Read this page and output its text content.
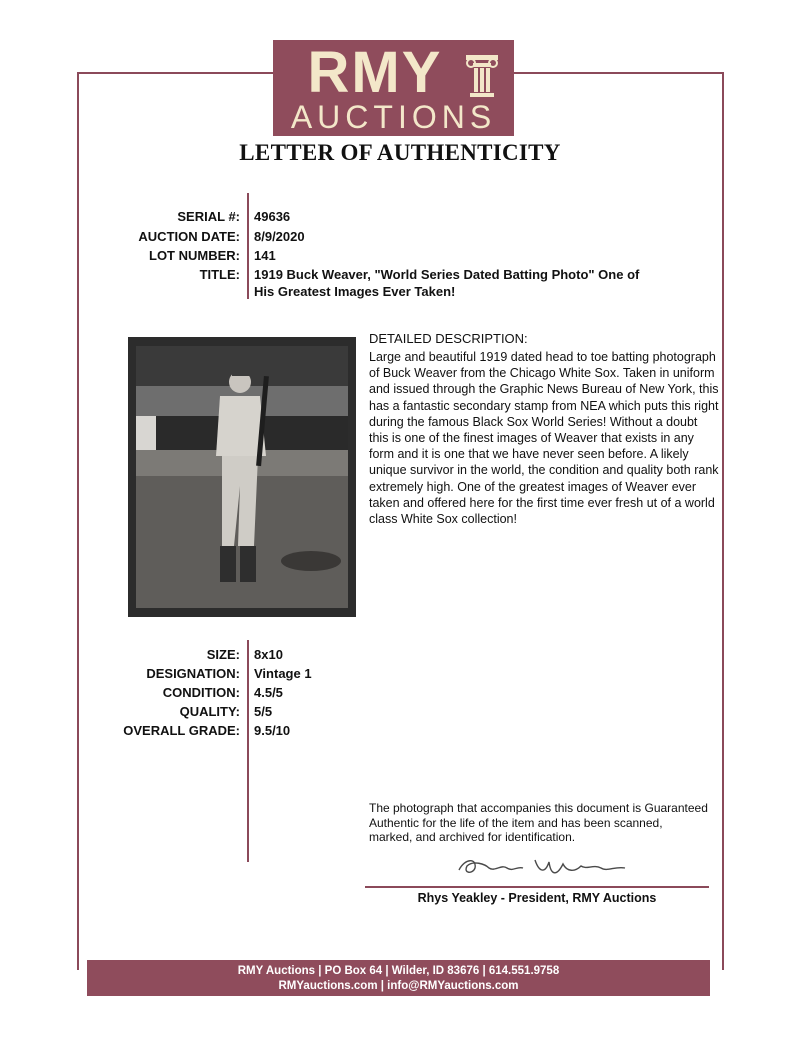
RMY
AUCTIONS
LETTER OF AUTHENTICITY
SERIAL #: 49636
AUCTION DATE: 8/9/2020
LOT NUMBER: 141
TITLE: 1919 Buck Weaver, "World Series Dated Batting Photo" One of His Greatest Images Ever Taken!
DETAILED DESCRIPTION:
Large and beautiful 1919 dated head to toe batting photograph of Buck Weaver from the Chicago White Sox. Taken in uniform and issued through the Graphic News Bureau of New York, this has a fantastic secondary stamp from NEA which puts this right during the famous Black Sox World Series! Without a doubt this is one of the finest images of Weaver that exists in any form and it is one that we have never seen before. A likely unique survivor in the world, the condition and quality both rank extremely high. One of the greatest images of Weaver ever taken and offered here for the first time ever fresh ut of a world class White Sox collection!
SIZE: 8x10
DESIGNATION: Vintage 1
CONDITION: 4.5/5
QUALITY: 5/5
OVERALL GRADE: 9.5/10
The photograph that accompanies this document is Guaranteed Authentic for the life of the item and has been scanned, marked, and archived for identification.
Rhys Yeakley - President, RMY Auctions
RMY Auctions | PO Box 64 | Wilder, ID 83676 | 614.551.9758
RMYauctions.com | info@RMYauctions.com
